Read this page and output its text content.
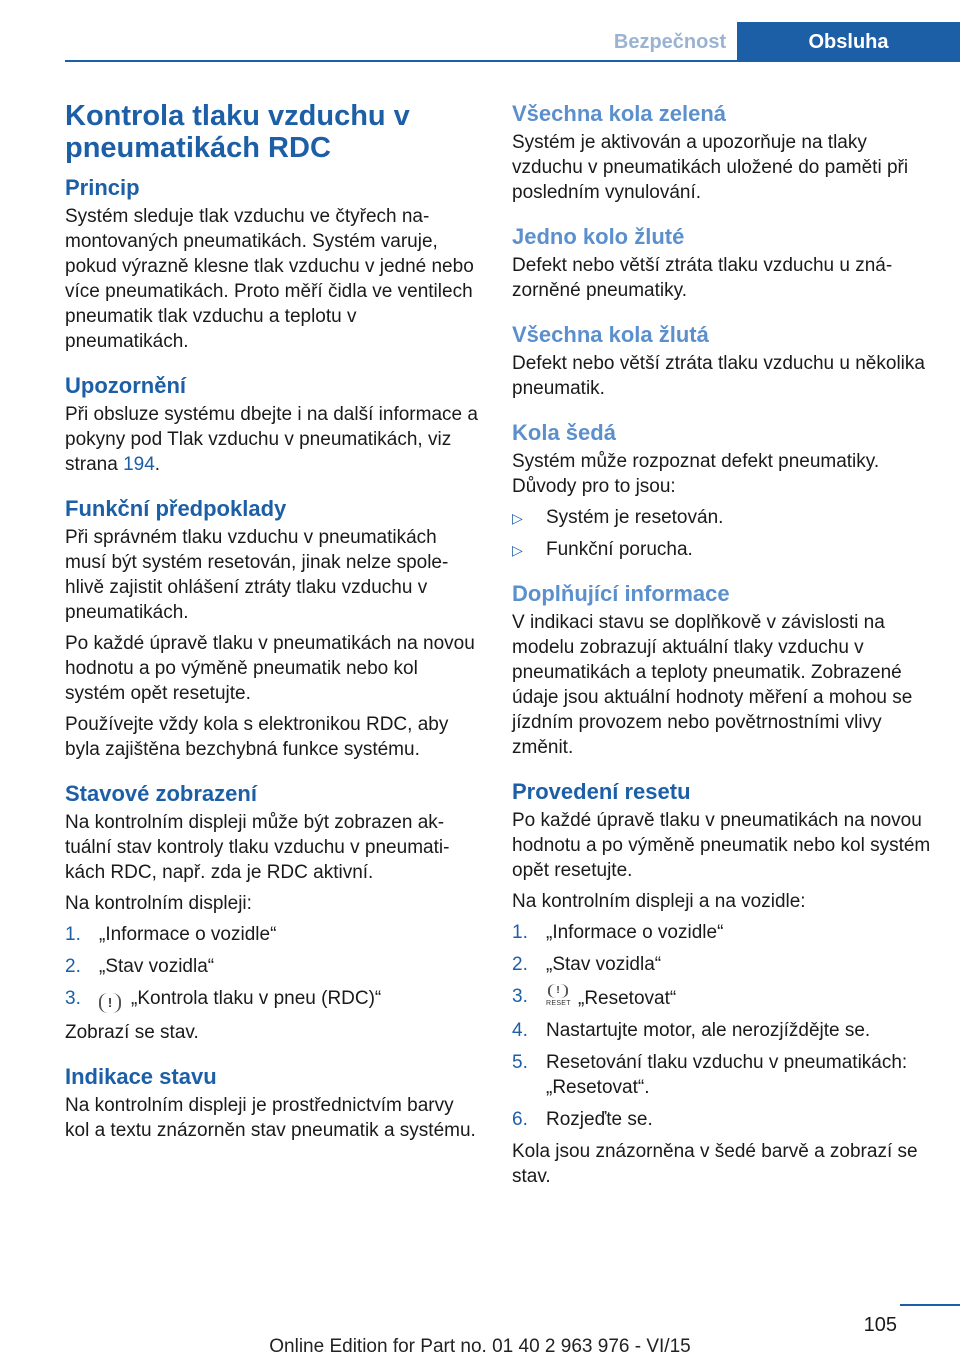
Bezpečnost	Obsluha
Kontrola tlaku vzduchu v pneumatikách RDC
Princip

Systém sleduje tlak vzduchu ve čtyřech namontovaných pneumatikách. Systém varuje, pokud výrazně klesne tlak vzduchu v jedné nebo více pneumatikách. Proto měří čidla ve ventilech pneumatik tlak vzduchu a teplotu v pneumatikách.

Upozornění

Při obsluze systému dbejte i na další informace a pokyny pod Tlak vzduchu v pneumatikách, viz strana 194.

Funkční předpoklady

Při správném tlaku vzduchu v pneumatikách musí být systém resetován, jinak nelze spolehlivě zajistit ohlášení ztráty tlaku vzduchu v pneumatikách.

Po každé úpravě tlaku v pneumatikách na novou hodnotu a po výměně pneumatik nebo kol systém opět resetujte.

Používejte vždy kola s elektronikou RDC, aby byla zajištěna bezchybná funkce systému.

Stavové zobrazení

Na kontrolním displeji může být zobrazen aktuální stav kontroly tlaku vzduchu v pneumatikách RDC, např. zda je RDC aktivní.

Na kontrolním displeji:

1. „Informace o vozidle“
2. „Stav vozidla“
3. ! „Kontrola tlaku v pneu (RDC)“

Zobrazí se stav.

Indikace stavu

Na kontrolním displeji je prostřednictvím barvy kol a textu znázorněn stav pneumatik a systému.

Všechna kola zelená

Systém je aktivován a upozorňuje na tlaky vzduchu v pneumatikách uložené do paměti při posledním vynulování.

Jedno kolo žluté

Defekt nebo větší ztráta tlaku vzduchu u znázorněné pneumatiky.

Všechna kola žlutá

Defekt nebo větší ztráta tlaku vzduchu u několika pneumatik.

Kola šedá

Systém může rozpoznat defekt pneumatiky. Důvody pro to jsou:

▷ Systém je resetován.
▷ Funkční porucha.
Doplňující informace

V indikaci stavu se doplňkově v závislosti na modelu zobrazují aktuální tlaky vzduchu v pneumatikách a teploty pneumatik. Zobrazené údaje jsou aktuální hodnoty měření a mohou se jízdním provozem nebo povětrnostními vlivy změnit.

Provedení resetu

Po každé úpravě tlaku v pneumatikách na novou hodnotu a po výměně pneumatik nebo kol systém opět resetujte.

Na kontrolním displeji a na vozidle:

1. „Informace o vozidle“
2. „Stav vozidla“
3.	!
RESET „Resetovat“
4. Nastartujte motor, ale nerozjíždějte se.
5. Resetování tlaku vzduchu v pneumatikách: „Resetovat“.
6. Rozjeďte se.

Kola jsou znázorněna v šedé barvě a zobrazí se stav.

105
Online Edition for Part no. 01 40 2 963 976 - VI/15
